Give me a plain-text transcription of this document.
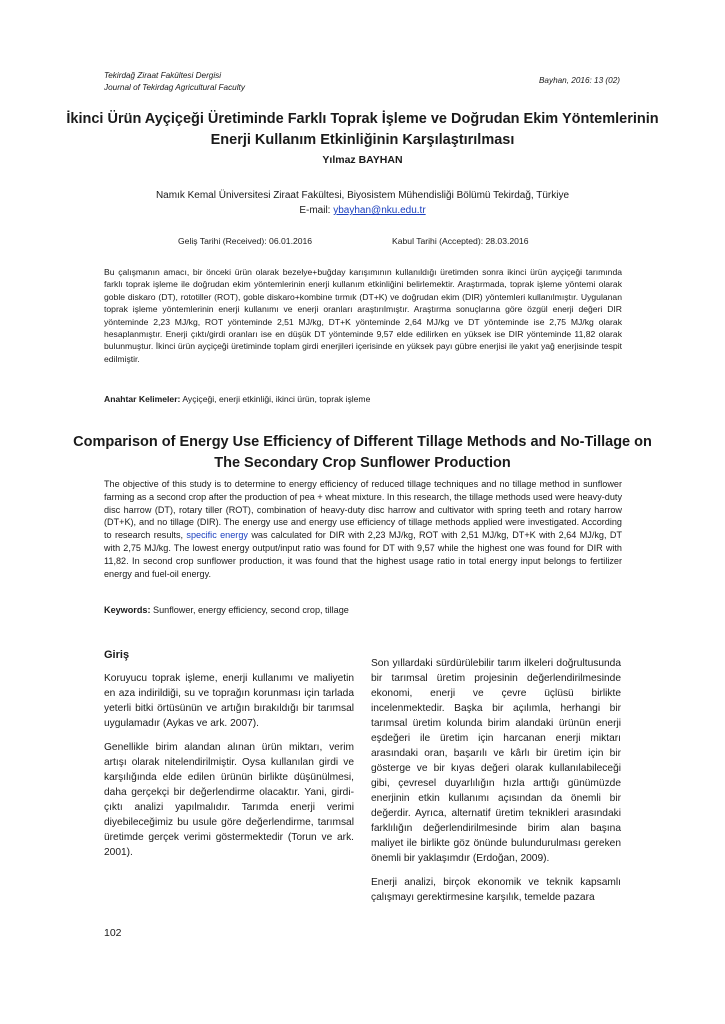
Tekirdağ Ziraat Fakültesi Dergisi
Journal of Tekirdag Agricultural Faculty
Bayhan, 2016: 13 (02)
İkinci Ürün Ayçiçeği Üretiminde Farklı Toprak İşleme ve Doğrudan Ekim Yöntemlerinin Enerji Kullanım Etkinliğinin Karşılaştırılması
Yılmaz BAYHAN
Namık Kemal Üniversitesi Ziraat Fakültesi, Biyosistem Mühendisliği Bölümü Tekirdağ, Türkiye
E-mail: ybayhan@nku.edu.tr
Geliş Tarihi (Received): 06.01.2016	Kabul Tarihi (Accepted): 28.03.2016
Bu çalışmanın amacı, bir önceki ürün olarak bezelye+buğday karışımının kullanıldığı üretimden sonra ikinci ürün ayçiçeği tarımında farklı toprak işleme ile doğrudan ekim yöntemlerinin enerji kullanım etkinliğini belirlemektir. Araştırmada, toprak işleme yöntemi olarak goble diskaro (DT), rototiller (ROT), goble diskaro+kombine tırmık (DT+K) ve doğrudan ekim (DIR) yöntemleri kullanılmıştır. Uygulanan toprak işleme yöntemlerinin enerji kullanımı ve enerji oranları araştırılmıştır. Araştırma sonuçlarına göre özgül enerji değeri DIR yönteminde 2,23 MJ/kg, ROT yönteminde 2,51 MJ/kg, DT+K yönteminde 2,64 MJ/kg ve DT yönteminde ise 2,75 MJ/kg olarak hesaplanmıştır. Enerji çıktı/girdi oranları ise en düşük DT yönteminde 9,57 elde edilirken en yüksek ise DIR yönteminde 11,82 olarak bulunmuştur. İkinci ürün ayçiçeği üretiminde toplam girdi enerjileri içerisinde en yüksek payı gübre enerjisi ile yakıt yağ enerjisinde tespit edilmiştir.
Anahtar Kelimeler: Ayçiçeği, enerji etkinliği, ikinci ürün, toprak işleme
Comparison of Energy Use Efficiency of Different Tillage Methods and No-Tillage on The Secondary Crop Sunflower Production
The objective of this study is to determine to energy efficiency of reduced tillage techniques and no tillage method in sunflower farming as a second crop after the production of pea + wheat mixture. In this research, the tillage methods used were heavy-duty disc harrow (DT), rotary tiller (ROT), combination of heavy-duty disc harrow and cultivator with spring teeth and rotary harrow (DT+K), and no tillage (DIR). The energy use and energy use efficiency of tillage methods applied were investigated. According to research results, specific energy was calculated for DIR with 2,23 MJ/kg, ROT with 2,51 MJ/kg, DT+K with 2,64 MJ/kg, DT with 2,75 MJ/kg. The lowest energy output/input ratio was found for DT with 9,57 while the highest one was found for DIR with 11,82. In second crop sunflower production, it was found that the highest usage ratio in total energy input belongs to fertilizer energy and fuel-oil energy.
Keywords: Sunflower, energy efficiency, second crop, tillage
Giriş

Koruyucu toprak işleme, enerji kullanımı ve maliyetin en aza indirildiği, su ve toprağın korunması için tarlada yeterli bitki örtüsünün ve artığın bırakıldığı bir tarımsal uygulamadır (Aykas ve ark. 2007).

Genellikle birim alandan alınan ürün miktarı, verim artışı olarak nitelendirilmiştir. Oysa kullanılan girdi ve karşılığında elde edilen ürünün birlikte düşünülmesi, daha gerçekçi bir değerlendirme olacaktır. Yani, girdi-çıktı analizi yapılmalıdır. Tarımda enerji verimi diyebileceğimiz bu usule göre değerlendirme, tarımsal üretimde gerçek verimi göstermektedir (Torun ve ark. 2001).

Son yıllardaki sürdürülebilir tarım ilkeleri doğrultusunda bir tarımsal üretim projesinin değerlendirilmesinde ekonomi, enerji ve çevre üçlüsü birlikte incelenmektedir. Başka bir açılımla, herhangi bir tarımsal üretim kolunda birim alandaki ürünün enerji eşdeğeri ile üretim için harcanan enerji miktarı arasındaki oran, başarılı ve kârlı bir üretim için bir gösterge ve bir kıyas değeri olarak kullanılabileceği gibi, çevresel duyarlılığın hızla arttığı günümüzde enerjinin etkin kullanımı açısından da önemli bir değerdir. Ayrıca, alternatif üretim teknikleri arasındaki farklılığın değerlendirilmesinde birim alan başına maliyet ile birlikte göz önünde bulundurulması gereken önemli bir yaklaşımdır (Erdoğan, 2009).

Enerji analizi, birçok ekonomik ve teknik kapsamlı çalışmayı gerektirmesine karşılık, temelde pazara

102
